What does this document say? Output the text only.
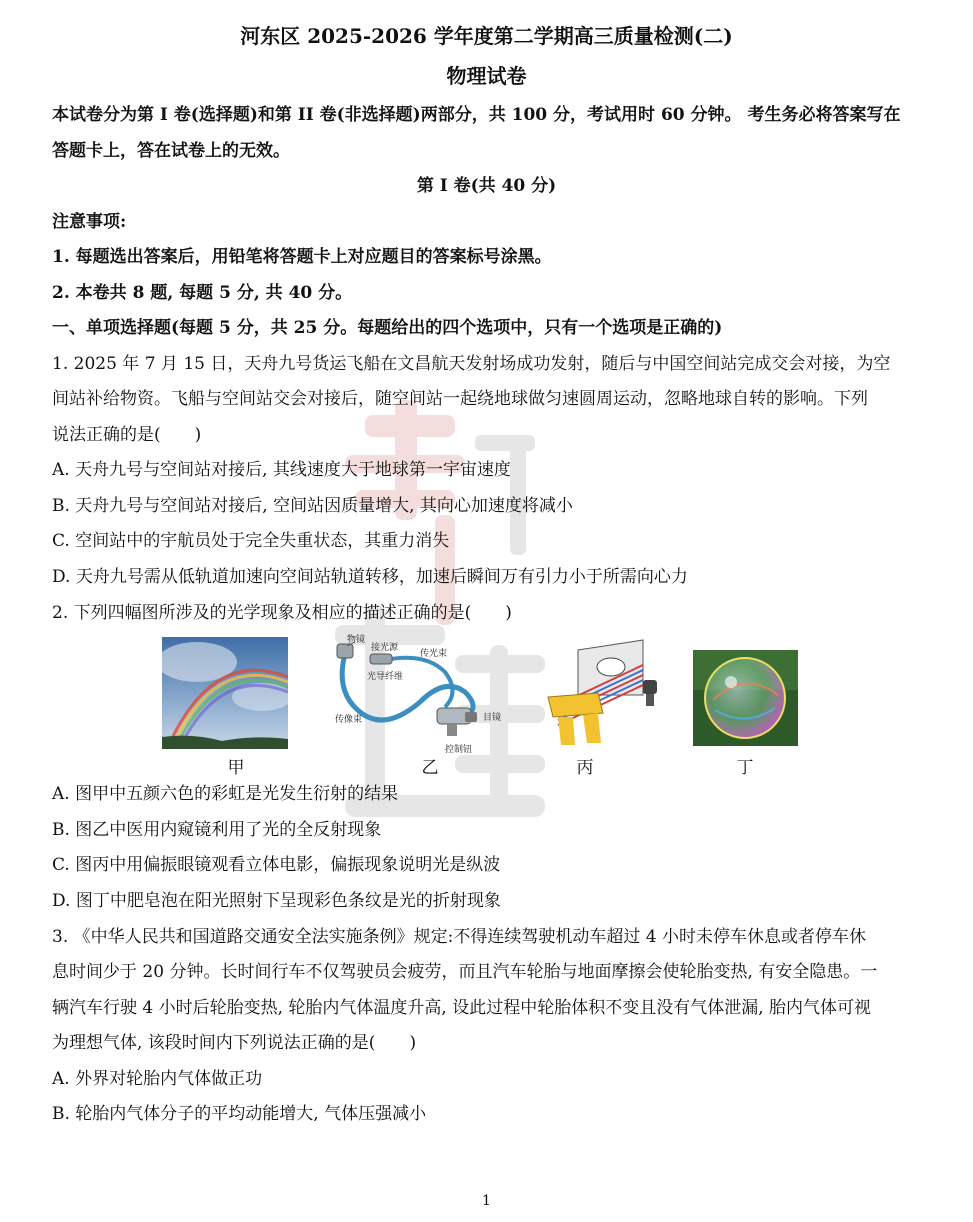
河东区 2025-2026 学年度第二学期高三质量检测(二)
物理试卷
本试卷分为第 I 卷(选择题)和第 II 卷(非选择题)两部分，共 100 分，考试用时 60 分钟。 考生务必将答案写在
答题卡上，答在试卷上的无效。
第 I 卷(共 40 分)
注意事项:
1. 每题选出答案后，用铅笔将答题卡上对应题目的答案标号涂黑。
2. 本卷共 8 题, 每题 5 分, 共 40 分。
一、单项选择题(每题 5 分，共 25 分。每题给出的四个选项中，只有一个选项是正确的)
1. 2025 年 7 月 15 日，天舟九号货运飞船在文昌航天发射场成功发射，随后与中国空间站完成交会对接，为空
间站补给物资。飞船与空间站交会对接后，随空间站一起绕地球做匀速圆周运动，忽略地球自转的影响。下列
说法正确的是(　　)
A. 天舟九号与空间站对接后, 其线速度大于地球第一宇宙速度
B. 天舟九号与空间站对接后, 空间站因质量增大, 其向心加速度将减小
C. 空间站中的宇航员处于完全失重状态，其重力消失
D. 天舟九号需从低轨道加速向空间站轨道转移，加速后瞬间万有引力小于所需向心力
2. 下列四幅图所涉及的光学现象及相应的描述正确的是(　　)
甲
物镜
接光源
传光束
光导纤维
传像束	目镜
控制钮
乙	丙	丁
A. 图甲中五颜六色的彩虹是光发生衍射的结果
B. 图乙中医用内窥镜利用了光的全反射现象
C. 图丙中用偏振眼镜观看立体电影，偏振现象说明光是纵波
D. 图丁中肥皂泡在阳光照射下呈现彩色条纹是光的折射现象
3. 《中华人民共和国道路交通安全法实施条例》规定:不得连续驾驶机动车超过 4 小时未停车休息或者停车休
息时间少于 20 分钟。长时间行车不仅驾驶员会疲劳，而且汽车轮胎与地面摩擦会使轮胎变热, 有安全隐患。一
辆汽车行驶 4 小时后轮胎变热, 轮胎内气体温度升高, 设此过程中轮胎体积不变且没有气体泄漏, 胎内气体可视
为理想气体, 该段时间内下列说法正确的是(　　)
A. 外界对轮胎内气体做正功
B. 轮胎内气体分子的平均动能增大, 气体压强减小
1
